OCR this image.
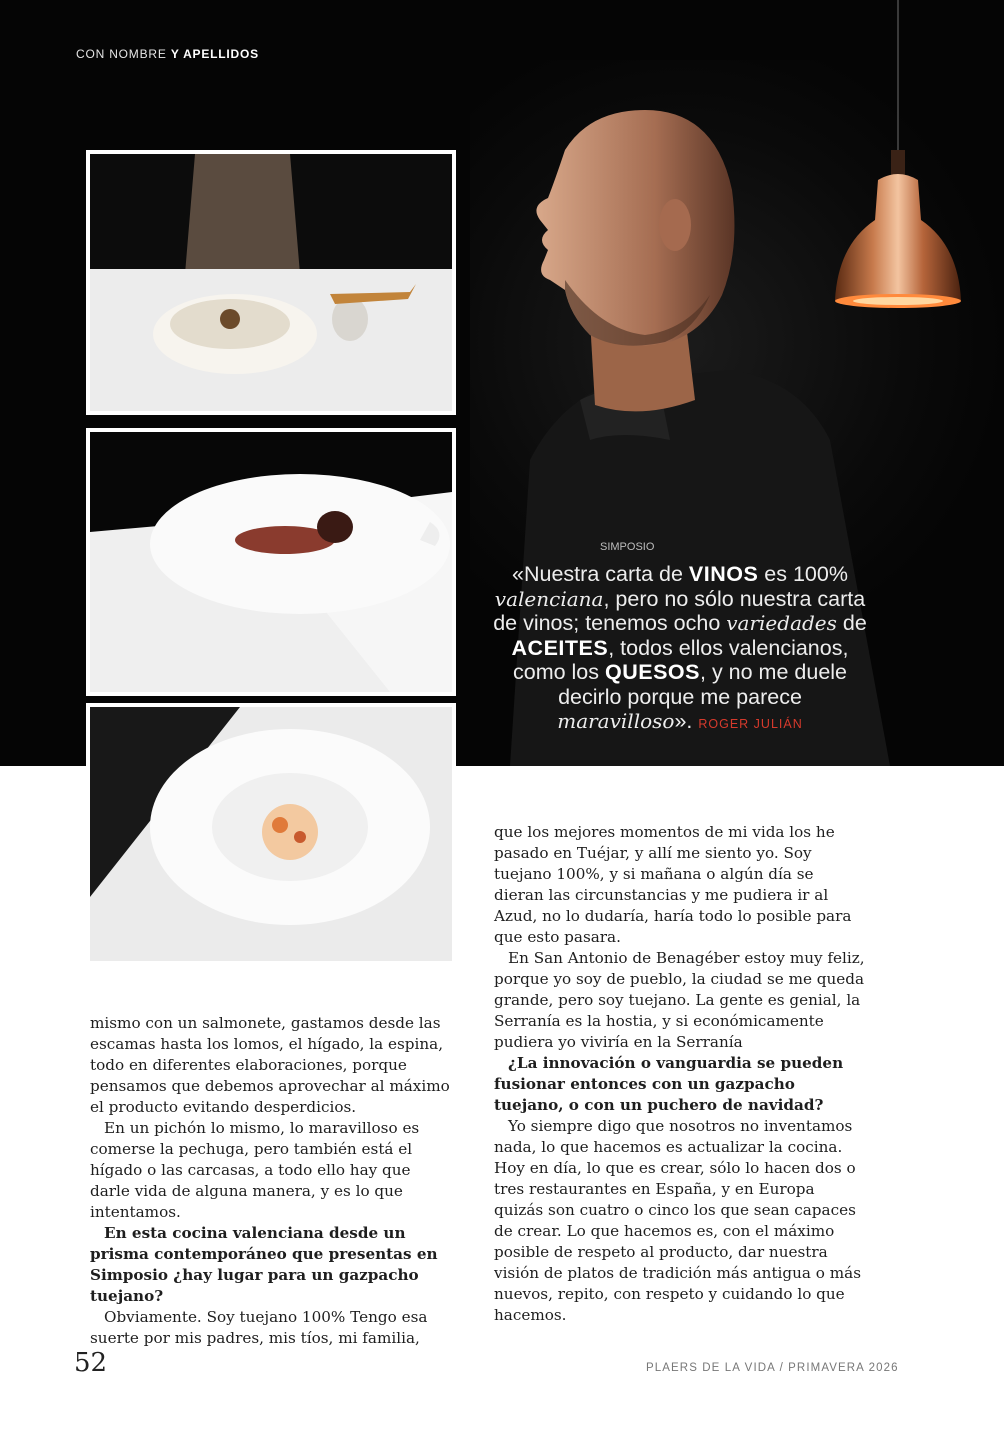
CON NOMBRE Y APELLIDOS
SIMPOSIO
«Nuestra carta de VINOS es 100% valenciana, pero no sólo nuestra carta de vinos; tenemos ocho variedades de ACEITES, todos ellos valencianos, como los QUESOS, y no me duele decirlo porque me parece maravilloso». ROGER JULIÁN

mismo con un salmonete, gastamos desde las escamas hasta los lomos, el hígado, la espina, todo en diferentes elaboraciones, porque pensamos que debemos aprovechar al máximo el producto evitando desperdicios.

En un pichón lo mismo, lo maravilloso es comerse la pechuga, pero también está el hígado o las carcasas, a todo ello hay que darle vida de alguna manera, y es lo que intentamos.

En esta cocina valenciana desde un prisma contemporáneo que presentas en Simposio ¿hay lugar para un gazpacho tuejano?

Obviamente. Soy tuejano 100% Tengo esa suerte por mis padres, mis tíos, mi familia,

que los mejores momentos de mi vida los he pasado en Tuéjar, y allí me siento yo. Soy tuejano 100%, y si mañana o algún día se dieran las circunstancias y me pudiera ir al Azud, no lo dudaría, haría todo lo posible para que esto pasara.

En San Antonio de Benagéber estoy muy feliz, porque yo soy de pueblo, la ciudad se me queda grande, pero soy tuejano. La gente es genial, la Serranía es la hostia, y si económicamente pudiera yo viviría en la Serranía

¿La innovación o vanguardia se pueden fusionar entonces con un gazpacho tuejano, o con un puchero de navidad?

Yo siempre digo que nosotros no inventamos nada, lo que hacemos es actualizar la cocina. Hoy en día, lo que es crear, sólo lo hacen dos o tres restaurantes en España, y en Europa quizás son cuatro o cinco los que sean capaces de crear. Lo que hacemos es, con el máximo posible de respeto al producto, dar nuestra visión de platos de tradición más antigua o más nuevos, repito, con respeto y cuidando lo que hacemos.

52	PLAERS DE LA VIDA / PRIMAVERA 2026
